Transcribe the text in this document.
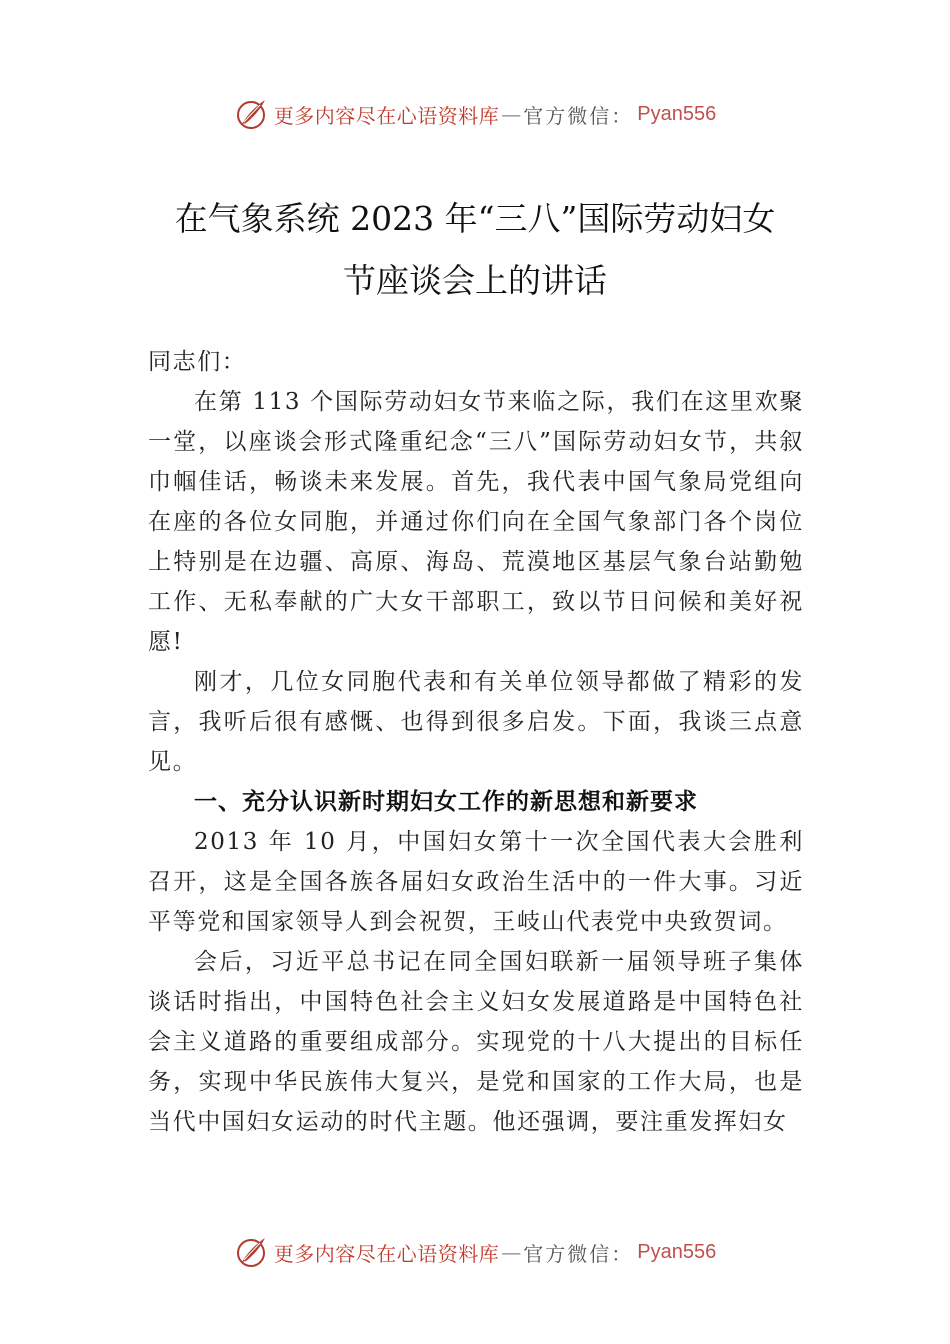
更多内容尽在心语资料库 — 官方微信： Pyan556
在气象系统 2023 年“三八”国际劳动妇女
节座谈会上的讲话

同志们：

在第 113 个国际劳动妇女节来临之际，我们在这里欢聚一堂，以座谈会形式隆重纪念“三八”国际劳动妇女节，共叙巾帼佳话，畅谈未来发展。首先，我代表中国气象局党组向在座的各位女同胞，并通过你们向在全国气象部门各个岗位上特别是在边疆、高原、海岛、荒漠地区基层气象台站勤勉工作、无私奉献的广大女干部职工，致以节日问候和美好祝愿!

刚才，几位女同胞代表和有关单位领导都做了精彩的发言，我听后很有感慨、也得到很多启发。下面，我谈三点意见。

一、充分认识新时期妇女工作的新思想和新要求

2013 年 10 月，中国妇女第十一次全国代表大会胜利召开，这是全国各族各届妇女政治生活中的一件大事。习近平等党和国家领导人到会祝贺，王岐山代表党中央致贺词。

会后，习近平总书记在同全国妇联新一届领导班子集体谈话时指出，中国特色社会主义妇女发展道路是中国特色社会主义道路的重要组成部分。实现党的十八大提出的目标任务，实现中华民族伟大复兴，是党和国家的工作大局，也是当代中国妇女运动的时代主题。他还强调，要注重发挥妇女

更多内容尽在心语资料库 — 官方微信： Pyan556
